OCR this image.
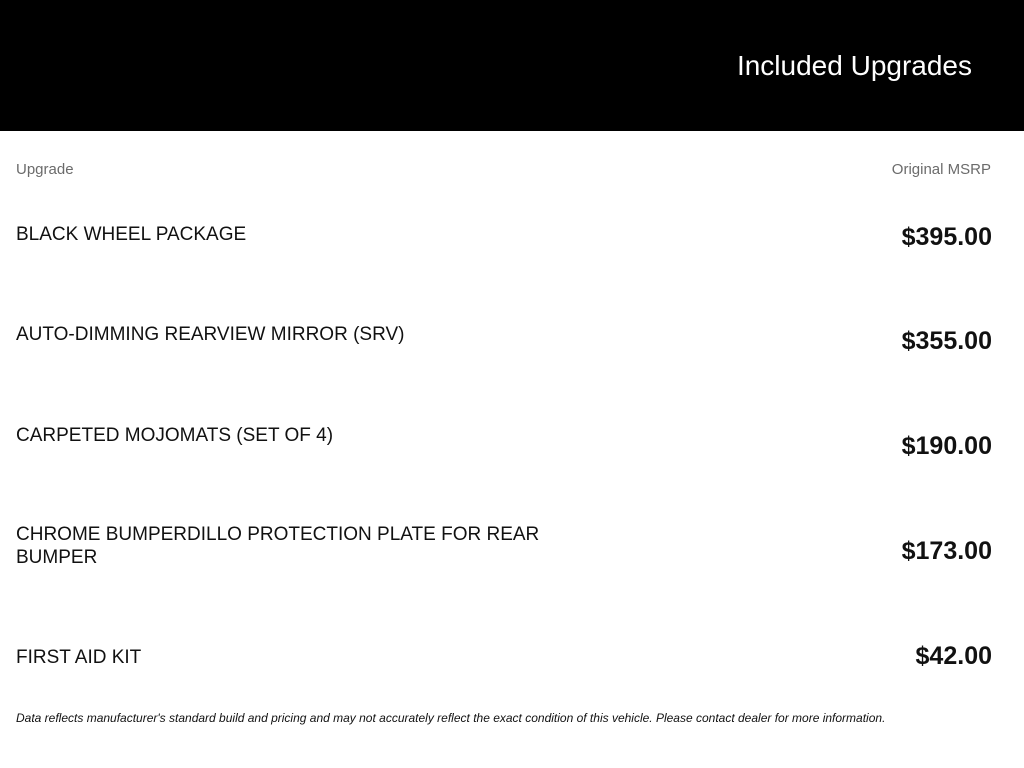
Included Upgrades
Upgrade	Original MSRP
BLACK WHEEL PACKAGE	$395.00
AUTO-DIMMING REARVIEW MIRROR (SRV)	$355.00
CARPETED MOJOMATS (SET OF 4)	$190.00
CHROME BUMPERDILLO PROTECTION PLATE FOR REAR BUMPER	$173.00
FIRST AID KIT	$42.00
Data reflects manufacturer's standard build and pricing and may not accurately reflect the exact condition of this vehicle. Please contact dealer for more information.
